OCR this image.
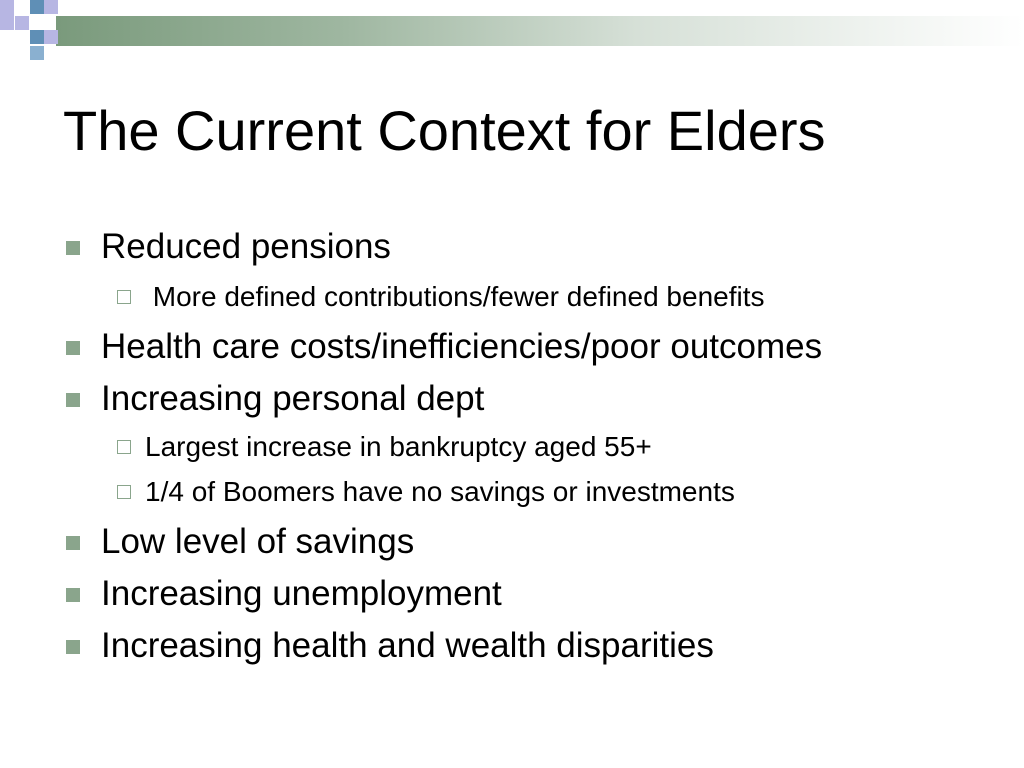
The Current Context for Elders
Reduced pensions
More defined contributions/fewer defined benefits
Health care costs/inefficiencies/poor outcomes
Increasing personal dept
Largest increase in bankruptcy aged 55+
1/4 of Boomers have no savings or investments
Low level of savings
Increasing unemployment
Increasing health and wealth disparities
